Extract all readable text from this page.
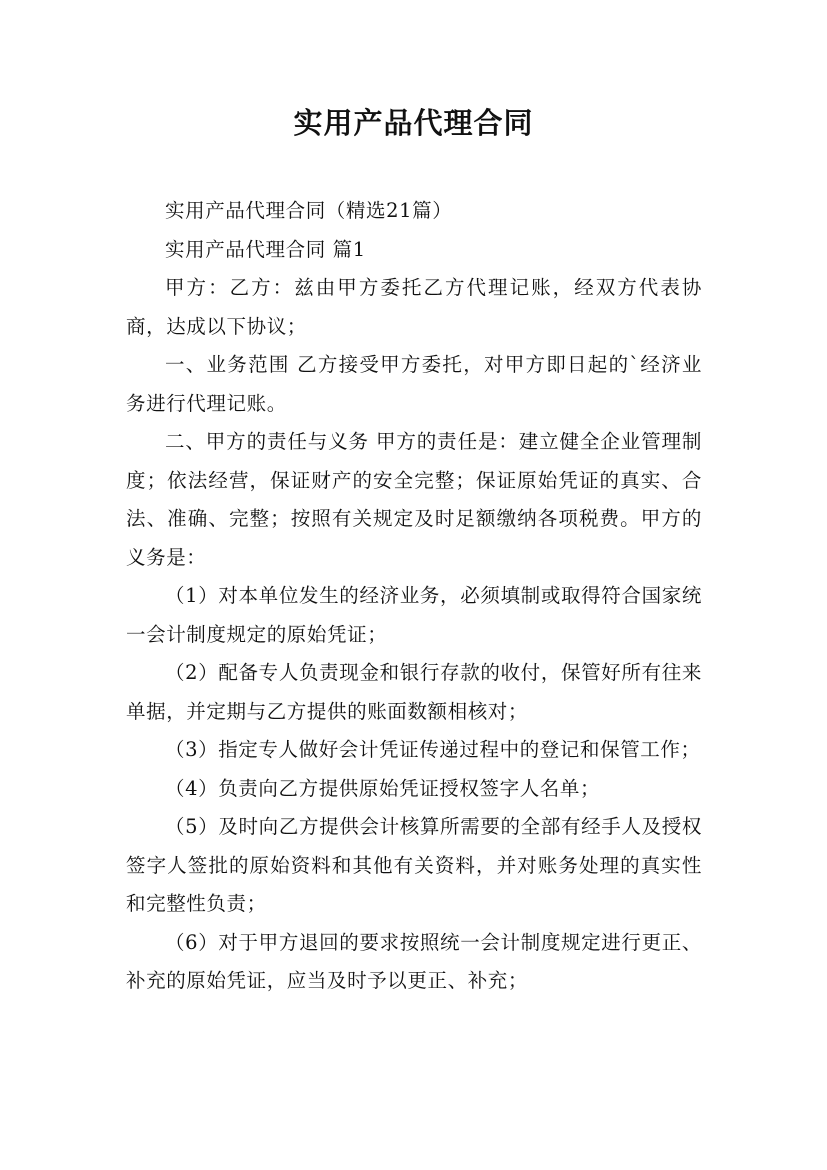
实用产品代理合同

实用产品代理合同（精选21篇）

实用产品代理合同 篇1

甲方：乙方：兹由甲方委托乙方代理记账，经双方代表协商，达成以下协议；

一、业务范围 乙方接受甲方委托，对甲方即日起的`经济业务进行代理记账。

二、甲方的责任与义务 甲方的责任是：建立健全企业管理制度；依法经营，保证财产的安全完整；保证原始凭证的真实、合法、准确、完整；按照有关规定及时足额缴纳各项税费。甲方的义务是：

（1）对本单位发生的经济业务，必须填制或取得符合国家统一会计制度规定的原始凭证；

（2）配备专人负责现金和银行存款的收付，保管好所有往来单据，并定期与乙方提供的账面数额相核对；

（3）指定专人做好会计凭证传递过程中的登记和保管工作；

（4）负责向乙方提供原始凭证授权签字人名单；

（5）及时向乙方提供会计核算所需要的全部有经手人及授权签字人签批的原始资料和其他有关资料，并对账务处理的真实性和完整性负责；

（6）对于甲方退回的要求按照统一会计制度规定进行更正、补充的原始凭证，应当及时予以更正、补充；
